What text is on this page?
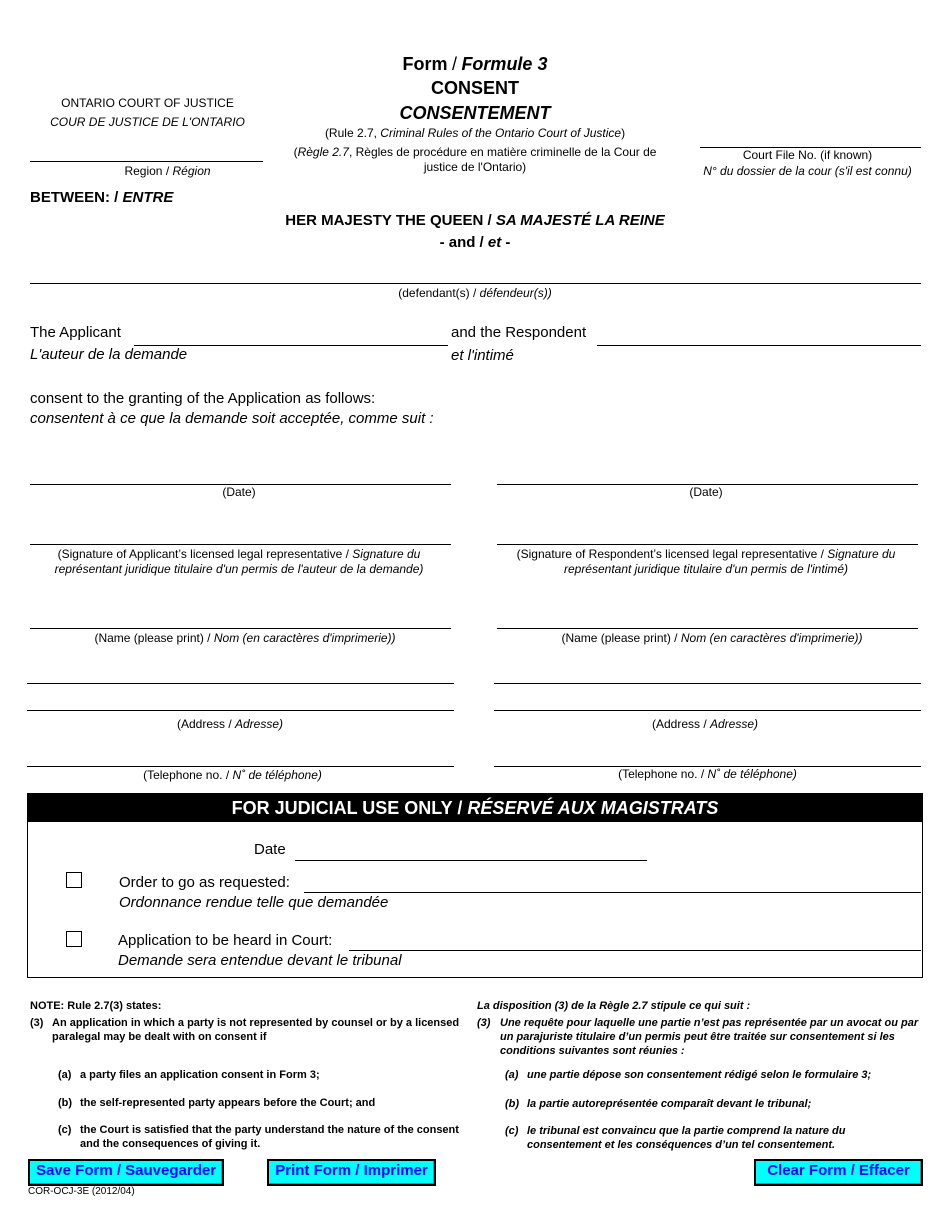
Form / Formule 3
CONSENT
CONSENTEMENT
(Rule 2.7, Criminal Rules of the Ontario Court of Justice)
(Règle 2.7, Règles de procédure en matière criminelle de la Cour de justice de l'Ontario)
ONTARIO COURT OF JUSTICE
COUR DE JUSTICE DE L'ONTARIO
Region / Région
Court File No. (if known)
N° du dossier de la cour (s'il est connu)
BETWEEN: / ENTRE
HER MAJESTY THE QUEEN / SA MAJESTÉ LA REINE
- and / et -
(defendant(s) / défendeur(s))
The Applicant
L'auteur de la demande
and the Respondent
et l'intimé
consent to the granting of the Application as follows:
consentent à ce que la demande soit acceptée, comme suit :
(Date)
(Signature of Applicant’s licensed legal representative / Signature du représentant juridique titulaire d'un permis de l'auteur de la demande)
(Name (please print) / Nom (en caractères d'imprimerie))
(Address / Adresse)
(Telephone no. / N˚ de téléphone)
(Date)
(Signature of Respondent’s licensed legal representative / Signature du représentant juridique titulaire d'un permis de l'intimé)
(Name (please print) / Nom (en caractères d'imprimerie))
(Address / Adresse)
(Telephone no. / N˚ de téléphone)
FOR JUDICIAL USE ONLY / RÉSERVÉ AUX MAGISTRATS
Date
Order to go as requested:
Ordonnance rendue telle que demandée
Application to be heard in Court:
Demande sera entendue devant le tribunal
NOTE: Rule 2.7(3) states:
(3) An application in which a party is not represented by counsel or by a licensed paralegal may be dealt with on consent if
(a) a party files an application consent in Form 3;
(b) the self-represented party appears before the Court; and
(c) the Court is satisfied that the party understand the nature of the consent and the consequences of giving it.
La disposition (3) de la Règle 2.7 stipule ce qui suit :
(3) Une requête pour laquelle une partie n’est pas représentée par un avocat ou par un parajuriste titulaire d’un permis peut être traitée sur consentement si les conditions suivantes sont réunies :
(a) une partie dépose son consentement rédigé selon le formulaire 3;
(b) la partie autoreprésentée comparaît devant le tribunal;
(c) le tribunal est convaincu que la partie comprend la nature du consentement et les conséquences d’un tel consentement.
Save Form / Sauvegarder	Print Form / Imprimer	Clear Form / Effacer
COR-OCJ-3E (2012/04)
